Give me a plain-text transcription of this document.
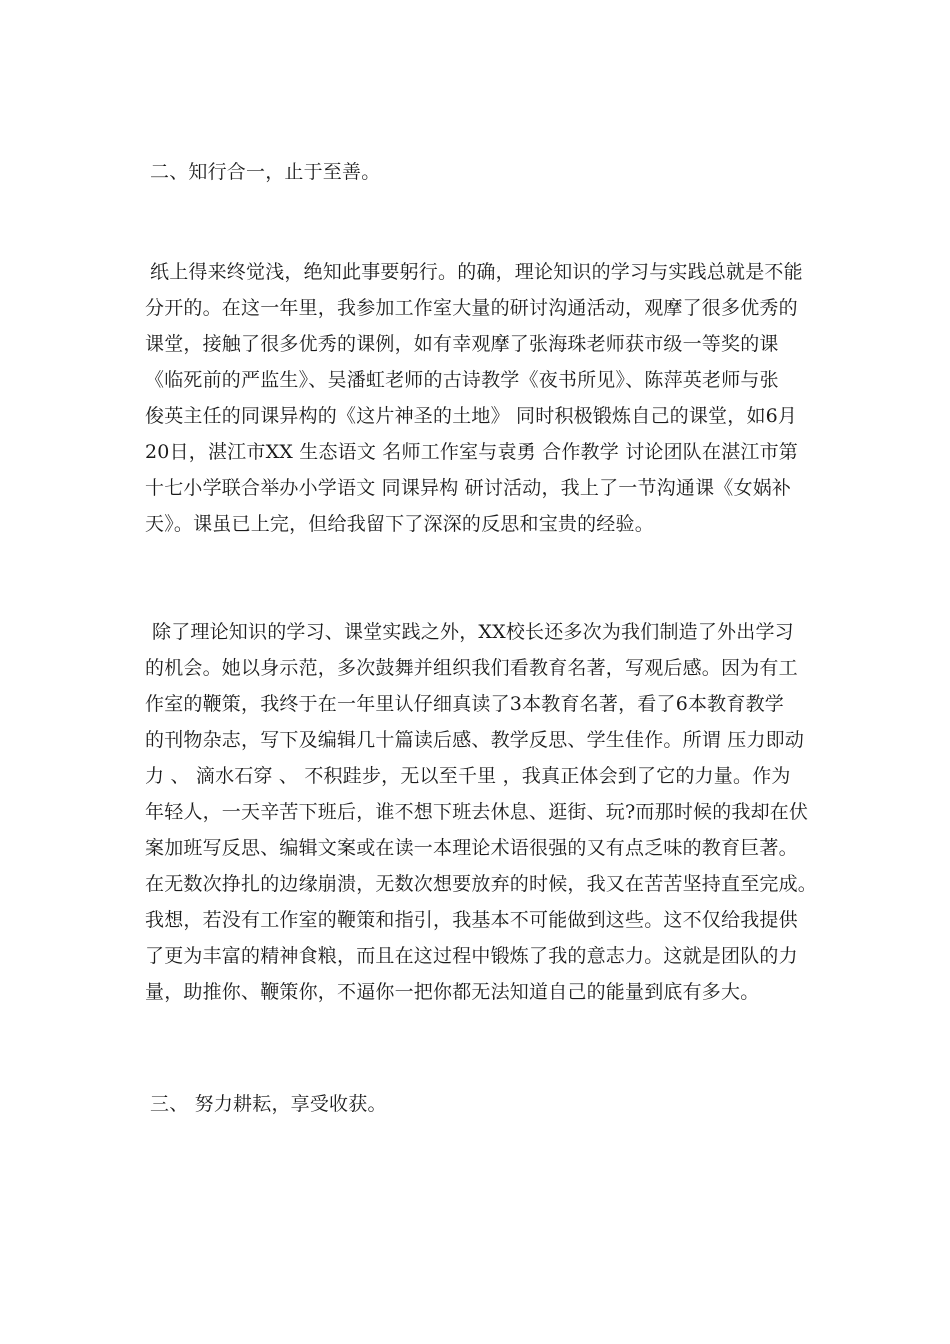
二、知行合一，止于至善。
纸上得来终觉浅，绝知此事要躬行。的确，理论知识的学习与实践总就是不能
分开的。在这一年里，我参加工作室大量的研讨沟通活动，观摩了很多优秀的
课堂，接触了很多优秀的课例，如有幸观摩了张海珠老师获市级一等奖的课
《临死前的严监生》、吴潘虹老师的古诗教学《夜书所见》、陈萍英老师与张
俊英主任的同课异构的《这片神圣的土地》 同时积极锻炼自己的课堂，如6月
20日，湛江市XX 生态语文 名师工作室与袁勇 合作教学 讨论团队在湛江市第
十七小学联合举办小学语文 同课异构 研讨活动，我上了一节沟通课《女娲补
天》。课虽已上完，但给我留下了深深的反思和宝贵的经验。
除了理论知识的学习、课堂实践之外，XX校长还多次为我们制造了外出学习
的机会。她以身示范，多次鼓舞并组织我们看教育名著，写观后感。因为有工
作室的鞭策，我终于在一年里认仔细真读了3本教育名著，看了6本教育教学
的刊物杂志，写下及编辑几十篇读后感、教学反思、学生佳作。所谓 压力即动
力 、 滴水石穿 、 不积跬步，无以至千里 ，我真正体会到了它的力量。作为
年轻人，一天辛苦下班后，谁不想下班去休息、逛街、玩?而那时候的我却在伏
案加班写反思、编辑文案或在读一本理论术语很强的又有点乏味的教育巨著。
在无数次挣扎的边缘崩溃，无数次想要放弃的时候，我又在苦苦坚持直至完成。
我想，若没有工作室的鞭策和指引，我基本不可能做到这些。这不仅给我提供
了更为丰富的精神食粮，而且在这过程中锻炼了我的意志力。这就是团队的力
量，助推你、鞭策你，不逼你一把你都无法知道自己的能量到底有多大。
三、 努力耕耘，享受收获。
